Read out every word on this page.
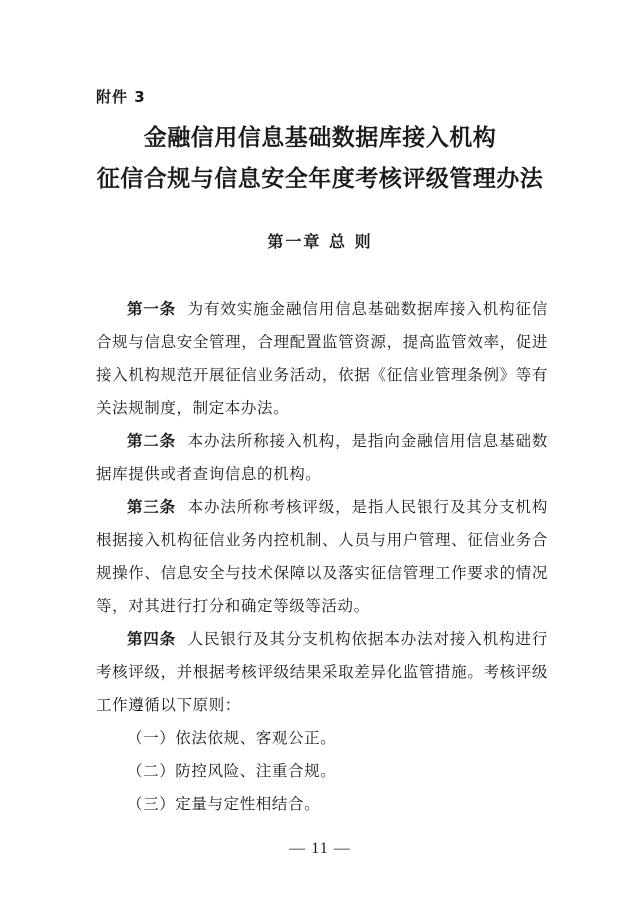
附件 3
金融信用信息基础数据库接入机构
征信合规与信息安全年度考核评级管理办法
第一章 总 则

第一条 为有效实施金融信用信息基础数据库接入机构征信合规与信息安全管理，合理配置监管资源，提高监管效率，促进接入机构规范开展征信业务活动，依据《征信业管理条例》等有关法规制度，制定本办法。

第二条 本办法所称接入机构，是指向金融信用信息基础数据库提供或者查询信息的机构。

第三条 本办法所称考核评级，是指人民银行及其分支机构根据接入机构征信业务内控机制、人员与用户管理、征信业务合规操作、信息安全与技术保障以及落实征信管理工作要求的情况等，对其进行打分和确定等级等活动。

第四条 人民银行及其分支机构依据本办法对接入机构进行考核评级，并根据考核评级结果采取差异化监管措施。考核评级工作遵循以下原则：

（一）依法依规、客观公正。

（二）防控风险、注重合规。

（三）定量与定性相结合。

— 11 —
